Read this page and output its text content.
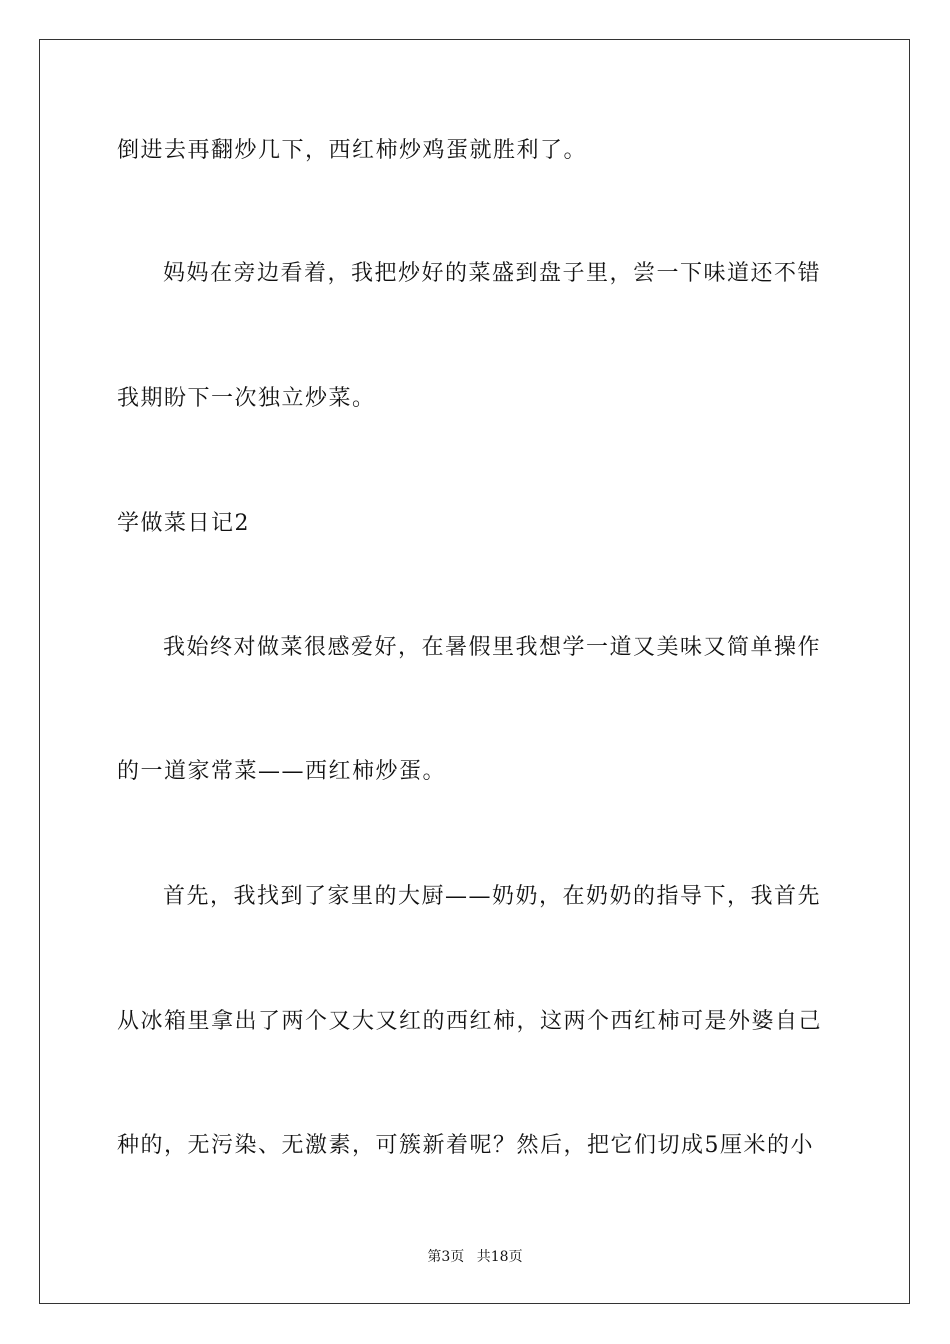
倒进去再翻炒几下，西红柿炒鸡蛋就胜利了。
妈妈在旁边看着，我把炒好的菜盛到盘子里，尝一下味道还不错
我期盼下一次独立炒菜。
学做菜日记2
我始终对做菜很感爱好，在暑假里我想学一道又美味又简单操作
的一道家常菜——西红柿炒蛋。
首先，我找到了家里的大厨——奶奶，在奶奶的指导下，我首先
从冰箱里拿出了两个又大又红的西红柿，这两个西红柿可是外婆自己
种的，无污染、无激素，可簇新着呢？然后，把它们切成5厘米的小
第3页 共18页
